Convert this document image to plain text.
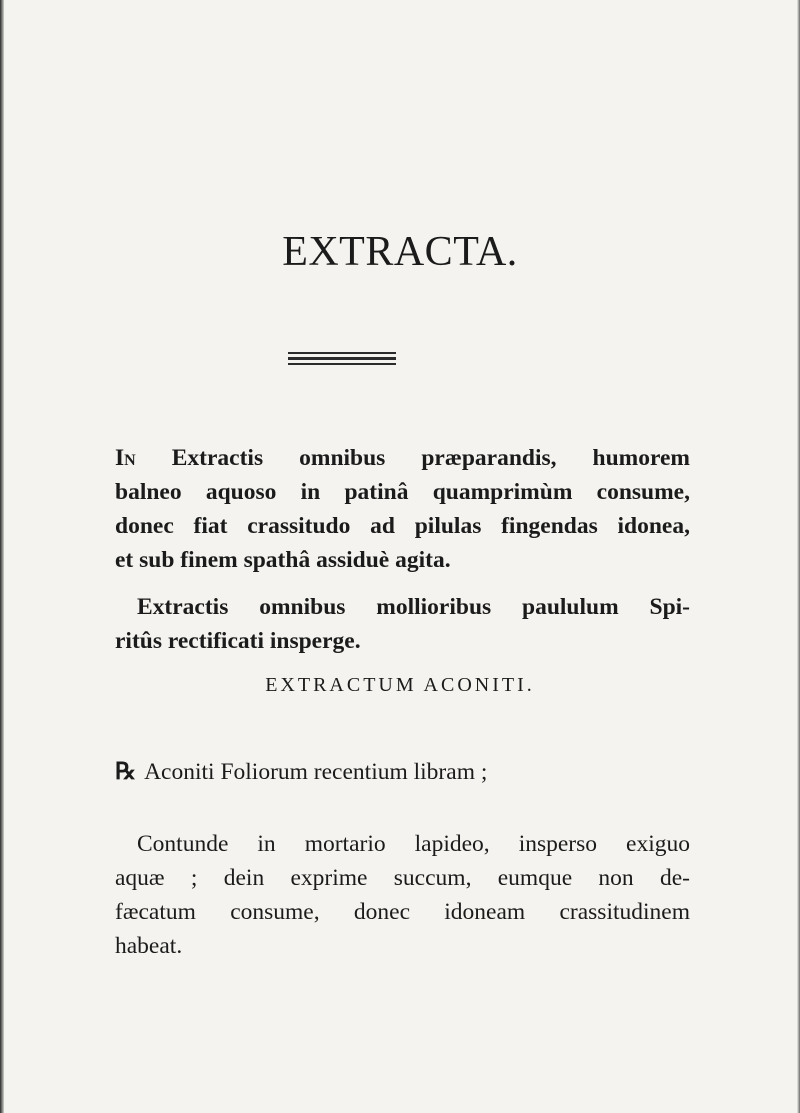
EXTRACTA.
In Extractis omnibus præparandis, humorem
balneo aquoso in patinâ quamprimùm consume,
donec fiat crassitudo ad pilulas fingendas idonea,
et sub finem spathâ assiduè agita.
Extractis omnibus mollioribus paululum Spi-
ritûs rectificati insperge.
EXTRACTUM ACONITI.
℞ Aconiti Foliorum recentium libram ;
Contunde in mortario lapideo, insperso exiguo
aquæ ; dein exprime succum, eumque non de-
fæcatum consume, donec idoneam crassitudinem
habeat.
